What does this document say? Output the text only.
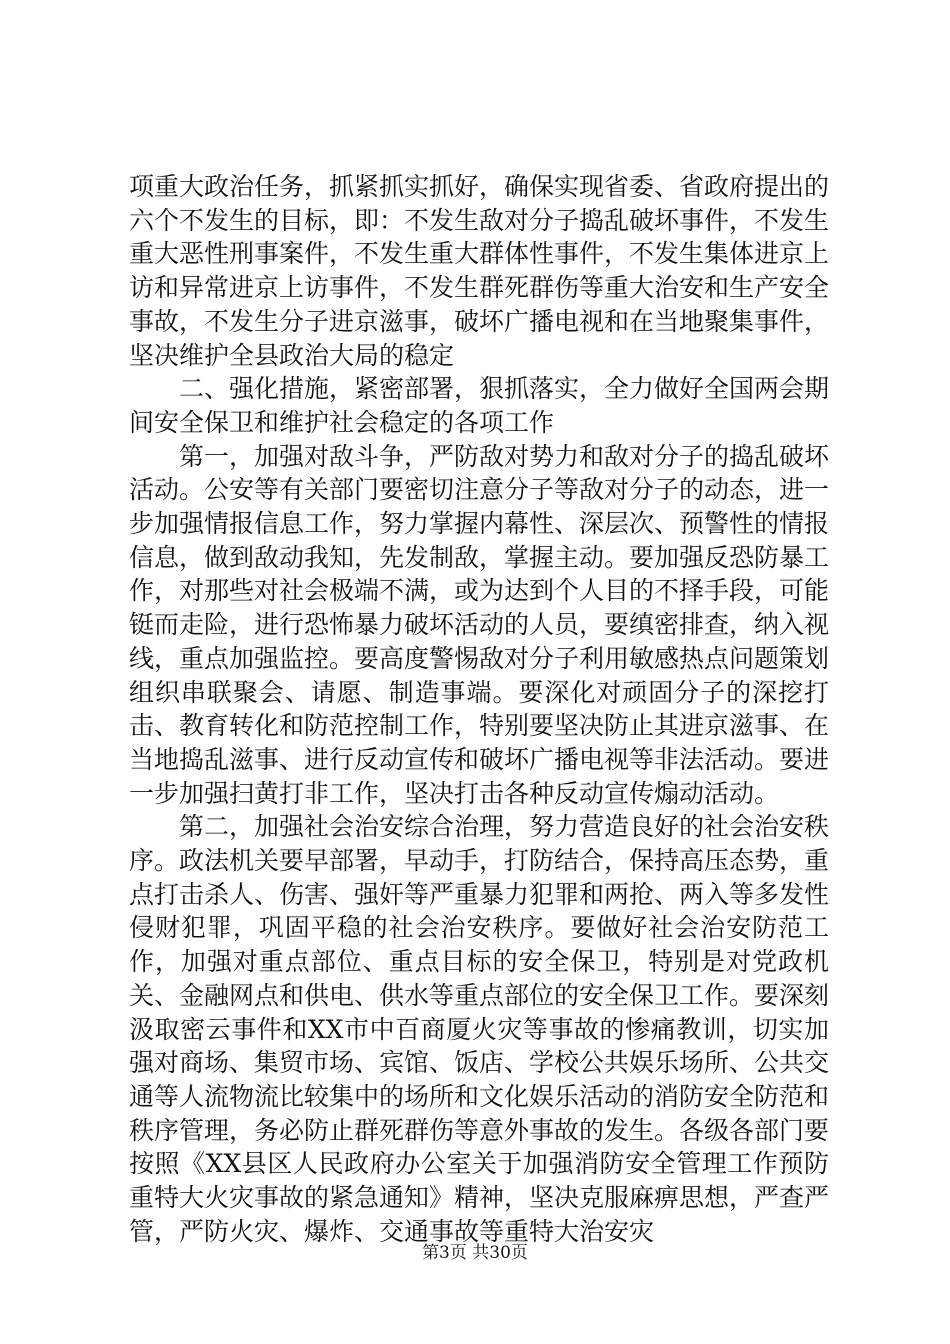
项重大政治任务，抓紧抓实抓好，确保实现省委、省政府提出的六个不发生的目标，即：不发生敌对分子捣乱破坏事件，不发生重大恶性刑事案件，不发生重大群体性事件，不发生集体进京上访和异常进京上访事件，不发生群死群伤等重大治安和生产安全事故，不发生分子进京滋事，破坏广播电视和在当地聚集事件，坚决维护全县政治大局的稳定

二、强化措施，紧密部署，狠抓落实，全力做好全国两会期间安全保卫和维护社会稳定的各项工作

第一，加强对敌斗争，严防敌对势力和敌对分子的捣乱破坏活动。公安等有关部门要密切注意分子等敌对分子的动态，进一步加强情报信息工作，努力掌握内幕性、深层次、预警性的情报信息，做到敌动我知，先发制敌，掌握主动。要加强反恐防暴工作，对那些对社会极端不满，或为达到个人目的不择手段，可能铤而走险，进行恐怖暴力破坏活动的人员，要缜密排查，纳入视线，重点加强监控。要高度警惕敌对分子利用敏感热点问题策划组织串联聚会、请愿、制造事端。要深化对顽固分子的深挖打击、教育转化和防范控制工作，特别要坚决防止其进京滋事、在当地捣乱滋事、进行反动宣传和破坏广播电视等非法活动。要进一步加强扫黄打非工作，坚决打击各种反动宣传煽动活动。

第二，加强社会治安综合治理，努力营造良好的社会治安秩序。政法机关要早部署，早动手，打防结合，保持高压态势，重点打击杀人、伤害、强奸等严重暴力犯罪和两抢、两入等多发性侵财犯罪，巩固平稳的社会治安秩序。要做好社会治安防范工作，加强对重点部位、重点目标的安全保卫，特别是对党政机关、金融网点和供电、供水等重点部位的安全保卫工作。要深刻汲取密云事件和XX市中百商厦火灾等事故的惨痛教训，切实加强对商场、集贸市场、宾馆、饭店、学校公共娱乐场所、公共交通等人流物流比较集中的场所和文化娱乐活动的消防安全防范和秩序管理，务必防止群死群伤等意外事故的发生。各级各部门要按照《XX县区人民政府办公室关于加强消防安全管理工作预防重特大火灾事故的紧急通知》精神，坚决克服麻痹思想，严查严管，严防火灾、爆炸、交通事故等重特大治安灾

第3页 共30页
